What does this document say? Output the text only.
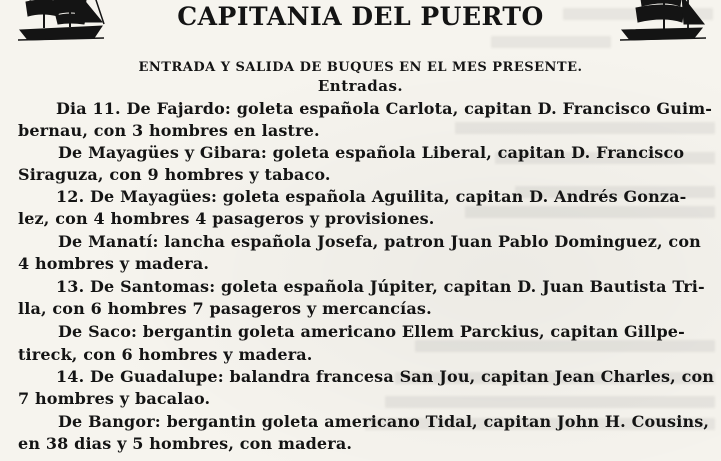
CAPITANIA DEL PUERTO
ENTRADA Y SALIDA DE BUQUES EN EL MES PRESENTE.
Entradas.
Dia 11. De Fajardo: goleta española Carlota, capitan D. Francisco Guim-
bernau, con 3 hombres en lastre.
De Mayagües y Gibara: goleta española Liberal, capitan D. Francisco
Siraguza, con 9 hombres y tabaco.
12. De Mayagües: goleta española Aguilita, capitan D. Andrés Gonza-
lez, con 4 hombres 4 pasageros y provisiones.
De Manatí: lancha española Josefa, patron Juan Pablo Dominguez, con
4 hombres y madera.
13. De Santomas: goleta española Júpiter, capitan D. Juan Bautista Tri-
lla, con 6 hombres 7 pasageros y mercancías.
De Saco: bergantin goleta americano Ellem Parckius, capitan Gillpe-
tireck, con 6 hombres y madera.
14. De Guadalupe: balandra francesa San Jou, capitan Jean Charles, con
7 hombres y bacalao.
De Bangor: bergantin goleta americano Tidal, capitan John H. Cousins,
en 38 dias y 5 hombres, con madera.
